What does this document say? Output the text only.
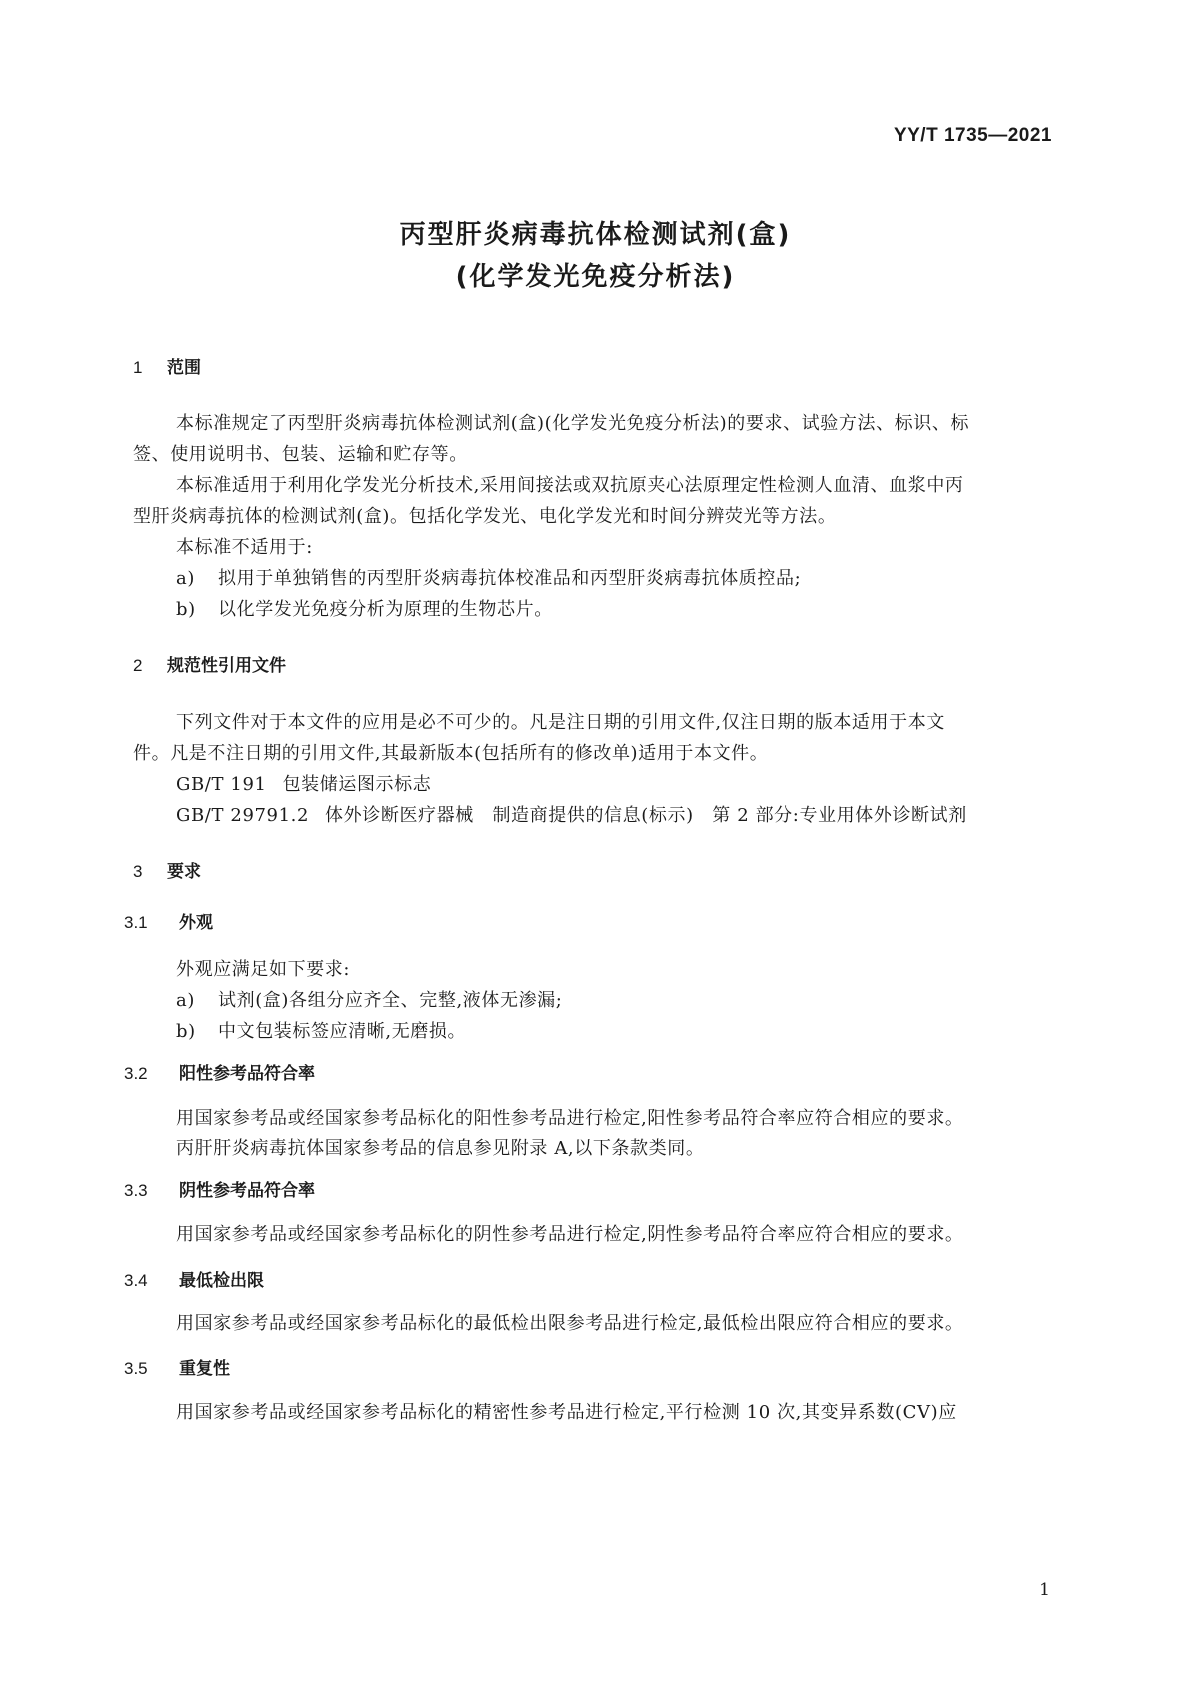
YY/T 1735—2021
丙型肝炎病毒抗体检测试剂(盒)
(化学发光免疫分析法)
1 范围
本标准规定了丙型肝炎病毒抗体检测试剂(盒)(化学发光免疫分析法)的要求、试验方法、标识、标
签、使用说明书、包装、运输和贮存等。
本标准适用于利用化学发光分析技术,采用间接法或双抗原夹心法原理定性检测人血清、血浆中丙
型肝炎病毒抗体的检测试剂(盒)。包括化学发光、电化学发光和时间分辨荧光等方法。
本标准不适用于:
a) 拟用于单独销售的丙型肝炎病毒抗体校准品和丙型肝炎病毒抗体质控品;
b) 以化学发光免疫分析为原理的生物芯片。
2 规范性引用文件
下列文件对于本文件的应用是必不可少的。凡是注日期的引用文件,仅注日期的版本适用于本文
件。凡是不注日期的引用文件,其最新版本(包括所有的修改单)适用于本文件。
GB/T 191 包装储运图示标志
GB/T 29791.2 体外诊断医疗器械　制造商提供的信息(标示)　第 2 部分:专业用体外诊断试剂
3 要求
3.1 外观
外观应满足如下要求:
a) 试剂(盒)各组分应齐全、完整,液体无渗漏;
b) 中文包装标签应清晰,无磨损。
3.2 阳性参考品符合率
用国家参考品或经国家参考品标化的阳性参考品进行检定,阳性参考品符合率应符合相应的要求。
丙肝肝炎病毒抗体国家参考品的信息参见附录 A,以下条款类同。
3.3 阴性参考品符合率
用国家参考品或经国家参考品标化的阴性参考品进行检定,阴性参考品符合率应符合相应的要求。
3.4 最低检出限
用国家参考品或经国家参考品标化的最低检出限参考品进行检定,最低检出限应符合相应的要求。
3.5 重复性
用国家参考品或经国家参考品标化的精密性参考品进行检定,平行检测 10 次,其变异系数(CV)应
1
